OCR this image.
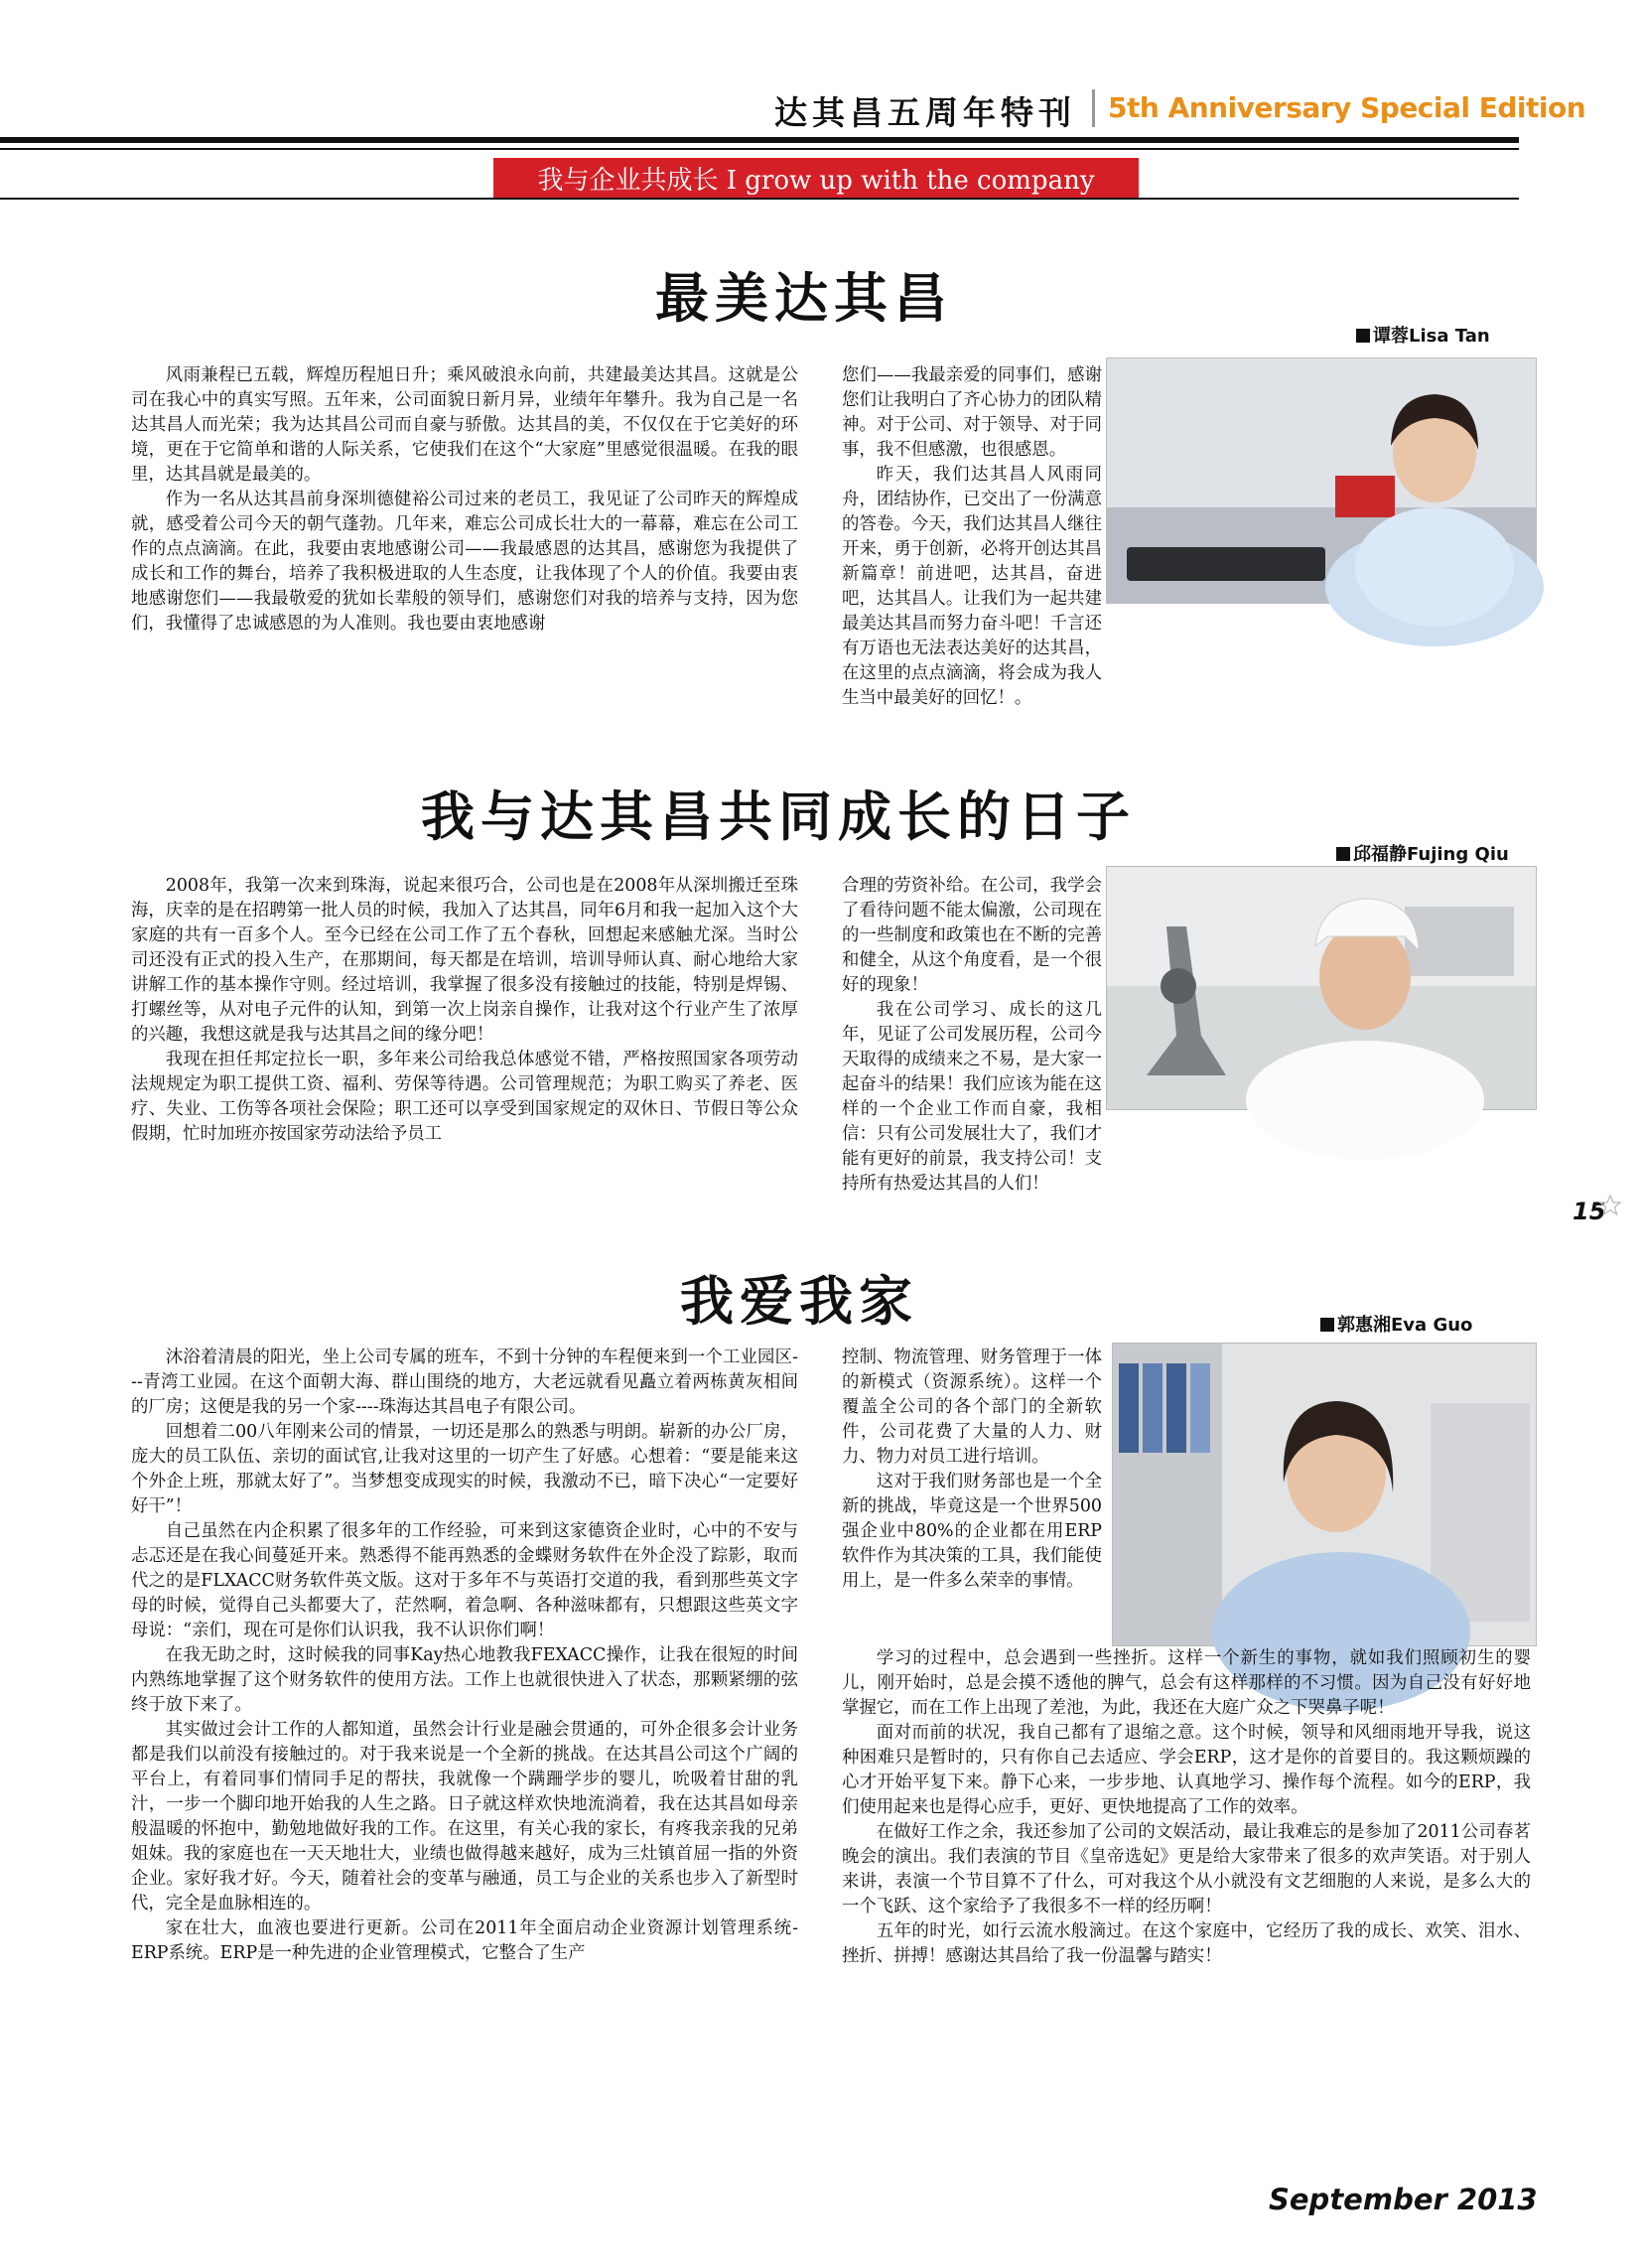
达其昌五周年特刊 5th Anniversary Special Edition
我与企业共成长 I grow up with the company
最美达其昌
谭蓉Lisa Tan

风雨兼程已五载，辉煌历程旭日升；乘风破浪永向前，共建最美达其昌。这就是公司在我心中的真实写照。五年来，公司面貌日新月异，业绩年年攀升。我为自己是一名达其昌人而光荣；我为达其昌公司而自豪与骄傲。达其昌的美，不仅仅在于它美好的环境，更在于它简单和谐的人际关系，它使我们在这个“大家庭”里感觉很温暖。在我的眼里，达其昌就是最美的。

作为一名从达其昌前身深圳德健裕公司过来的老员工，我见证了公司昨天的辉煌成就，感受着公司今天的朝气蓬勃。几年来，难忘公司成长壮大的一幕幕，难忘在公司工作的点点滴滴。在此，我要由衷地感谢公司——我最感恩的达其昌，感谢您为我提供了成长和工作的舞台，培养了我积极进取的人生态度，让我体现了个人的价值。我要由衷地感谢您们——我最敬爱的犹如长辈般的领导们，感谢您们对我的培养与支持，因为您们，我懂得了忠诚感恩的为人准则。我也要由衷地感谢

您们——我最亲爱的同事们，感谢您们让我明白了齐心协力的团队精神。对于公司、对于领导、对于同事，我不但感激，也很感恩。

昨天，我们达其昌人风雨同舟，团结协作，已交出了一份满意的答卷。今天，我们达其昌人继往开来，勇于创新，必将开创达其昌新篇章！前进吧，达其昌，奋进吧，达其昌人。让我们为一起共建最美达其昌而努力奋斗吧！千言还有万语也无法表达美好的达其昌，在这里的点点滴滴，将会成为我人生当中最美好的回忆！。

我与达其昌共同成长的日子
邱福静Fujing Qiu

2008年，我第一次来到珠海，说起来很巧合，公司也是在2008年从深圳搬迁至珠海，庆幸的是在招聘第一批人员的时候，我加入了达其昌，同年6月和我一起加入这个大家庭的共有一百多个人。至今已经在公司工作了五个春秋，回想起来感触尤深。当时公司还没有正式的投入生产，在那期间，每天都是在培训，培训导师认真、耐心地给大家讲解工作的基本操作守则。经过培训，我掌握了很多没有接触过的技能，特别是焊锡、打螺丝等，从对电子元件的认知，到第一次上岗亲自操作，让我对这个行业产生了浓厚的兴趣，我想这就是我与达其昌之间的缘分吧！

我现在担任邦定拉长一职，多年来公司给我总体感觉不错，严格按照国家各项劳动法规规定为职工提供工资、福利、劳保等待遇。公司管理规范；为职工购买了养老、医疗、失业、工伤等各项社会保险；职工还可以享受到国家规定的双休日、节假日等公众假期，忙时加班亦按国家劳动法给予员工

合理的劳资补给。在公司，我学会了看待问题不能太偏激，公司现在的一些制度和政策也在不断的完善和健全，从这个角度看，是一个很好的现象！

我在公司学习、成长的这几年，见证了公司发展历程，公司今天取得的成绩来之不易，是大家一起奋斗的结果！我们应该为能在这样的一个企业工作而自豪，我相信：只有公司发展壮大了，我们才能有更好的前景，我支持公司！支持所有热爱达其昌的人们！

15
我爱我家	郭惠湘Eva Guo

沐浴着清晨的阳光，坐上公司专属的班车，不到十分钟的车程便来到一个工业园区---青湾工业园。在这个面朝大海、群山围绕的地方，大老远就看见矗立着两栋黄灰相间的厂房；这便是我的另一个家----珠海达其昌电子有限公司。

回想着二00八年刚来公司的情景，一切还是那么的熟悉与明朗。崭新的办公厂房，庞大的员工队伍、亲切的面试官,让我对这里的一切产生了好感。心想着：“要是能来这个外企上班，那就太好了”。当梦想变成现实的时候，我激动不已，暗下决心“一定要好好干”！

自己虽然在内企积累了很多年的工作经验，可来到这家德资企业时，心中的不安与忐忑还是在我心间蔓延开来。熟悉得不能再熟悉的金蝶财务软件在外企没了踪影，取而代之的是FLXACC财务软件英文版。这对于多年不与英语打交道的我，看到那些英文字母的时候，觉得自己头都要大了，茫然啊，着急啊、各种滋味都有，只想跟这些英文字母说：“亲们，现在可是你们认识我，我不认识你们啊！

在我无助之时，这时候我的同事Kay热心地教我FEXACC操作，让我在很短的时间内熟练地掌握了这个财务软件的使用方法。工作上也就很快进入了状态，那颗紧绷的弦终于放下来了。

其实做过会计工作的人都知道，虽然会计行业是融会贯通的，可外企很多会计业务都是我们以前没有接触过的。对于我来说是一个全新的挑战。在达其昌公司这个广阔的平台上，有着同事们情同手足的帮扶，我就像一个蹒跚学步的婴儿，吮吸着甘甜的乳汁，一步一个脚印地开始我的人生之路。日子就这样欢快地流淌着，我在达其昌如母亲般温暖的怀抱中，勤勉地做好我的工作。在这里，有关心我的家长，有疼我亲我的兄弟姐妹。我的家庭也在一天天地壮大，业绩也做得越来越好，成为三灶镇首屈一指的外资企业。家好我才好。今天，随着社会的变革与融通，员工与企业的关系也步入了新型时代，完全是血脉相连的。

家在壮大，血液也要进行更新。公司在2011年全面启动企业资源计划管理系统-ERP系统。ERP是一种先进的企业管理模式，它整合了生产

控制、物流管理、财务管理于一体的新模式（资源系统）。这样一个覆盖全公司的各个部门的全新软件，公司花费了大量的人力、财力、物力对员工进行培训。

这对于我们财务部也是一个全新的挑战，毕竟这是一个世界500强企业中80%的企业都在用ERP软件作为其决策的工具，我们能使用上，是一件多么荣幸的事情。

学习的过程中，总会遇到一些挫折。这样一个新生的事物，就如我们照顾初生的婴儿，刚开始时，总是会摸不透他的脾气，总会有这样那样的不习惯。因为自己没有好好地掌握它，而在工作上出现了差池，为此，我还在大庭广众之下哭鼻子呢！

面对而前的状况，我自己都有了退缩之意。这个时候，领导和风细雨地开导我，说这种困难只是暂时的，只有你自己去适应、学会ERP，这才是你的首要目的。我这颗烦躁的心才开始平复下来。静下心来，一步步地、认真地学习、操作每个流程。如今的ERP，我们使用起来也是得心应手，更好、更快地提高了工作的效率。

在做好工作之余，我还参加了公司的文娱活动，最让我难忘的是参加了2011公司春茗晚会的演出。我们表演的节目《皇帝选妃》更是给大家带来了很多的欢声笑语。对于别人来讲，表演一个节目算不了什么，可对我这个从小就没有文艺细胞的人来说，是多么大的一个飞跃、这个家给予了我很多不一样的经历啊！

五年的时光，如行云流水般滴过。在这个家庭中，它经历了我的成长、欢笑、泪水、挫折、拼搏！感谢达其昌给了我一份温馨与踏实！

September 2013
